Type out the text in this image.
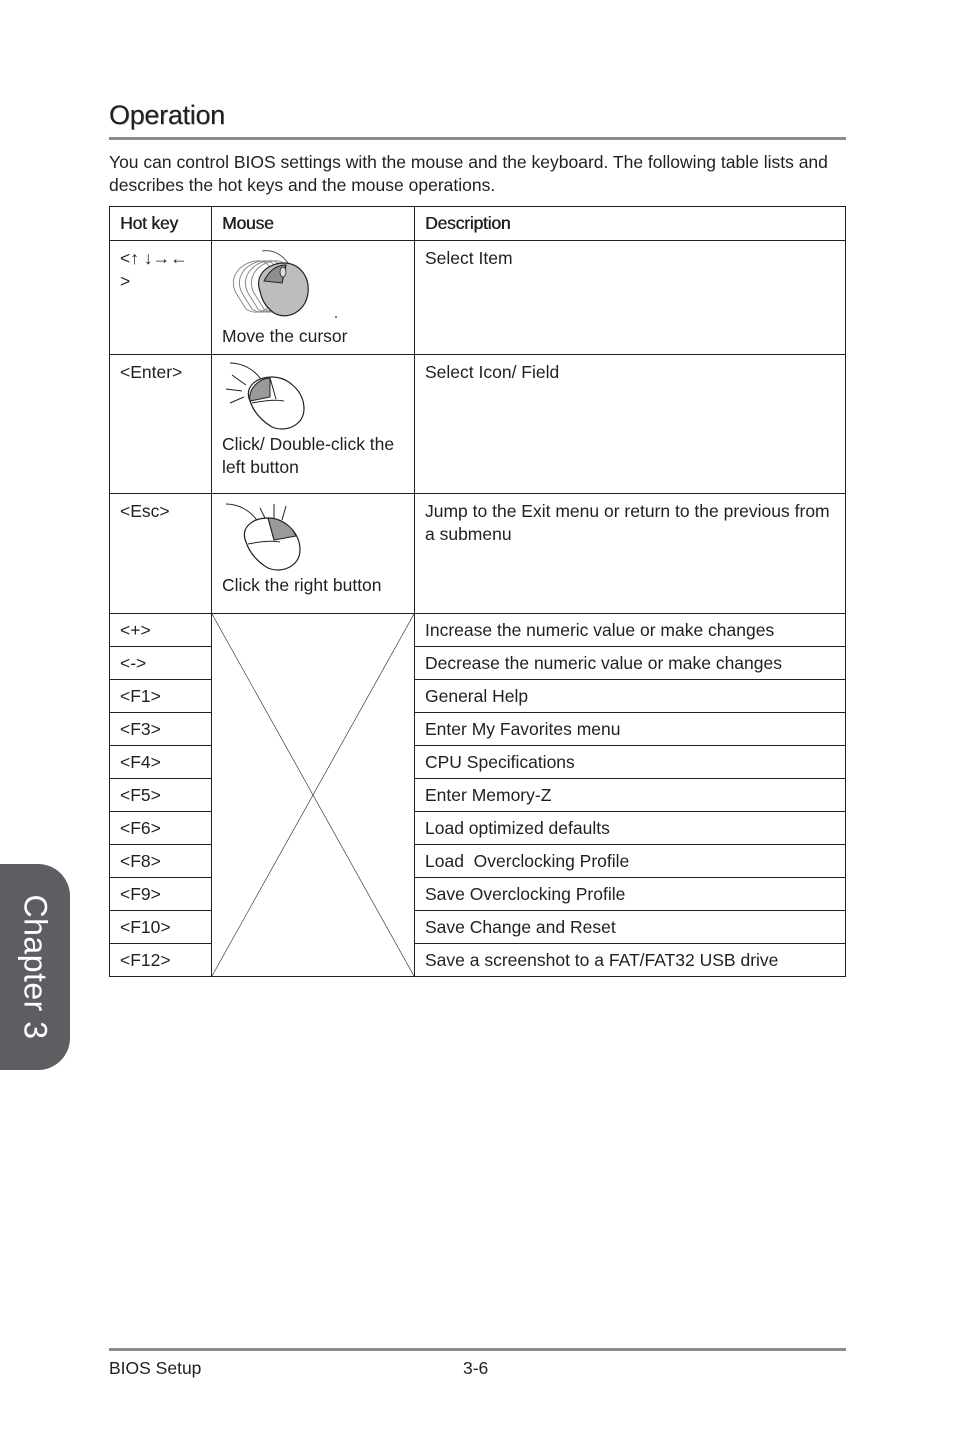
Operation

You can control BIOS settings with the mouse and the keyboard. The following table lists and describes the hot keys and the mouse operations.

Hot key	Mouse	Description
<↑ ↓→← >	Move the cursor	Select Item
<Enter>	Click/ Double-click the left button	Select Icon/ Field
<Esc>	Click the right button	Jump to the Exit menu or return to the previous from a submenu
<+>		Increase the numeric value or make changes
<->		Decrease the numeric value or make changes
<F1>		General Help
<F3>		Enter My Favorites menu
<F4>		CPU Specifications
<F5>		Enter Memory-Z
<F6>		Load optimized defaults
<F8>		Load  Overclocking Profile
<F9>		Save Overclocking Profile
<F10>		Save Change and Reset
<F12>		Save a screenshot to a FAT/FAT32 USB drive
Chapter 3
BIOS Setup	3-6
